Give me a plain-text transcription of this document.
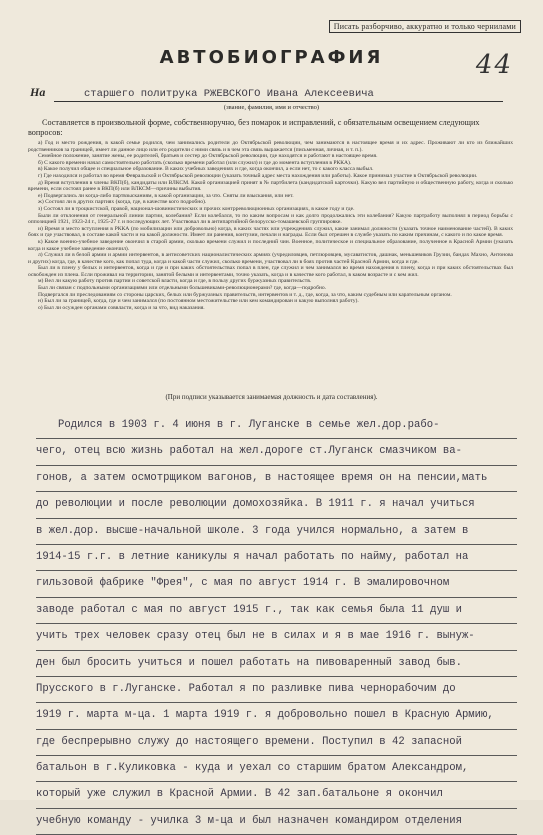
Писать разборчиво, аккуратно и только чернилами
44
АВТОБИОГРАФИЯ
На	старшего политрука РЖЕВСКОГО Ивана Алексеевича
(звание, фамилия, имя и отчество)
Составляется в произвольной форме, собственноручно, без помарок и исправлений, с обязательным освещением следующих вопросов:

а) Год и место рождения, в какой семье родился, чем занимались родители до Октябрьской революции, чем занимаются в настоящее время и их адрес. Проживают ли кто из ближайших родственников за границей, имеет ли данное лицо или его родители с ними связь и в чем эта связь выражается (письменная, личная, и т. п.).

Семейное положение, занятие жены, ее родителей, братьев и сестер до Октябрьской революции, где находятся и работают в настоящее время.

б) С какого времени начал самостоятельно работать (сколько времени работал (или служил) и где до момента вступления в РККА).

в) Какое получил общее и специальное образование. В каких учебных заведениях и где, когда окончил, а если нет, то с какого класса выбыл.

г) Где находился и работал во время Февральской и Октябрьской революции (указать точный адрес места нахождения или работы). Какое принимал участие в Октябрьской революции.

д) Время вступления в члены ВКП(б), кандидаты или ВЛКСМ. Какой организацией принят в № партбилета (кандидатской карточки). Какую вел партийную и общественную работу, когда и сколько времени, если состоял ранее в ВКП(б) или ВЛКСМ—причины выбытия.

е) Подвергались ли когда-либо партвзысканиям, в какой организации, за что. Сняты ли взыскания, или нет.

ж) Состоял ли в других партиях (когда, где, в качестве кого подробно).

з) Состоял ли в троцкистской, правой, национал-шовинистических и прочих контрреволюционных организациях, в какое году и где.

Были ли отклонения от генеральной линии партии, колебания? Если колебался, то по каким вопросам и как долго продолжались эти колебания? Какую партработу выполнял в период борьбы с оппозицией 1921, 1923-24 г., 1925-27 г. и последующих лет. Участвовал ли в антипартийной белорусско-томашевской группировке.

и) Время и место вступления в РККА (по мобилизации или добровольно) когда, в каких частях или учреждениях служил, какие занимал должности (указать точное наименование частей). В каких боях и где участвовал, в составе какой части и на какой должности. Имеет ли ранения, контузии, печали и награды. Если был отрешен в службе указать по каким причинам, с какого и по какое время.

к) Какое военно-учебное заведение окончил в старой армии, сколько времени служил и последний чин. Военное, политическое и специальное образование, полученное в Красной Армии (указать когда и какое учебное заведение окончил).

л) Служил ли в белой армии и армии интервентов, в антисоветских националистических армиях (учредиловцев, петлюровцев, мусаватистов, дашнак, меньшевиков Грузии, бандах Махно, Антонова и других) когда, где, в качестве кого, как попал туда, когда и какой части служил, сколько времени, участвовал ли в боях против частей Красной Армии, когда и где.

Был ли в плену у белых и интервентов, когда и где и при каких обстоятельствах попал в плен, где служил и чем занимался во время нахождения в плену, когда и при каких обстоятельствах был освобожден из плена. Если проживал на территории, занятой белыми и интервентами, точно указать, когда и в качестве кого работал, в каком возрасте и с кем жил.

м) Вел ли какую работу против партии и советской власти, когда и где, в пользу других буржуазных правительств.

Был ли связан с подпольными организациями или отдельными большевиками-революционерами? где, когда—подробно.

Подвергался ли преследованиям со стороны царских, белых или буржуазных правительств, интервентов и т. д., где, когда, за что, каким судебным или карательным органом.

н) Был ли за границей, когда, где и чем занимался (по постоянном местожительстве или кем командирован и какую выполнял работу).

о) Был ли осужден органами соввласти, когда и за что, вид наказания.

(При подписи указывается занимаемая должность и дата составления).
Родился в 1903 г. 4 июня в г. Луганске в семье жел.дор.рабо-
чего, отец всю жизнь работал на жел.дороге ст.Луганск смазчиком ва-
гонов, а затем осмотрщиком вагонов, в настоящее время он на пенсии,мать
до революции и после революции домохозяйка. В 1911 г. я начал учиться
в жел.дор. высше-начальной школе. 3 года учился нормально, а затем в
1914-15 г.г. в летние каникулы я начал работать по найму, работал на
гильзовой фабрике "Фрея", с мая по август 1914 г. В эмалировочном
заводе работал с мая по август 1915 г., так как семья была 11 душ и
учить трех человек сразу отец был не в силах и я в мае 1916 г. вынуж-
ден был бросить учиться и пошел работать на пивоваренный завод быв.
Прусского в г.Луганске. Работал я по разливке пива чернорабочим до
1919 г. марта м-ца. 1 марта 1919 г. я добровольно пошел в Красную Армию,
где беспрерывно служу до настоящего времени. Поступил в 42 запасной
батальон в г.Куликовка - куда и уехал со старшим братом Александром,
который уже служил в Красной Армии. В 42 зап.батальоне я окончил
учебную команду - училка 3 м-ца и был назначен командиром отделения
